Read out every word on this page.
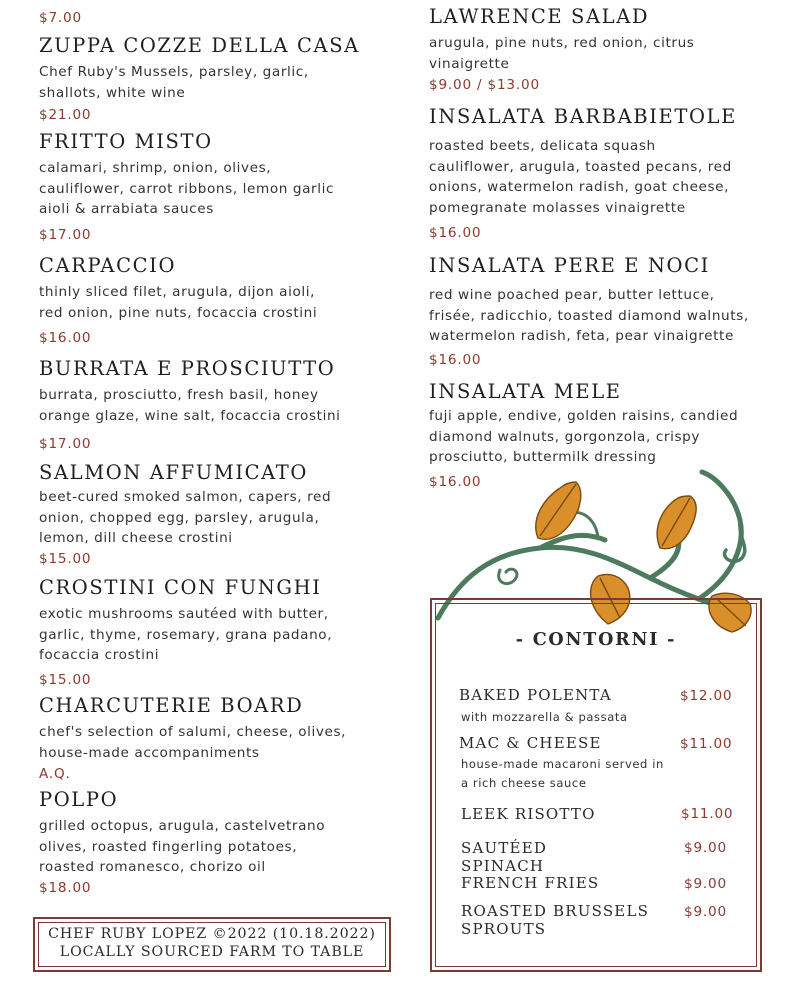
$7.00
ZUPPA COZZE DELLA CASA
Chef Ruby's Mussels, parsley, garlic,
shallots, white wine
$21.00
FRITTO MISTO
calamari, shrimp, onion, olives,
cauliflower, carrot ribbons, lemon garlic
aioli & arrabiata sauces
$17.00
CARPACCIO
thinly sliced filet, arugula, dijon aioli,
red onion, pine nuts, focaccia crostini
$16.00
BURRATA E PROSCIUTTO
burrata, prosciutto, fresh basil, honey
orange glaze, wine salt, focaccia crostini
$17.00
SALMON AFFUMICATO
beet-cured smoked salmon, capers, red
onion, chopped egg, parsley, arugula,
lemon, dill cheese crostini
$15.00
CROSTINI CON FUNGHI
exotic mushrooms sautéed with butter,
garlic, thyme, rosemary, grana padano,
focaccia crostini
$15.00
CHARCUTERIE BOARD
chef's selection of salumi, cheese, olives,
house-made accompaniments
A.Q.
POLPO
grilled octopus, arugula, castelvetrano
olives, roasted fingerling potatoes,
roasted romanesco, chorizo oil
$18.00
LAWRENCE SALAD
arugula, pine nuts, red onion, citrus
vinaigrette
$9.00 / $13.00
INSALATA BARBABIETOLE
roasted beets, delicata squash
cauliflower, arugula, toasted pecans, red
onions, watermelon radish, goat cheese,
pomegranate molasses vinaigrette
$16.00
INSALATA PERE E NOCI
red wine poached pear, butter lettuce,
frisée, radicchio, toasted diamond walnuts,
watermelon radish, feta, pear vinaigrette
$16.00
INSALATA MELE
fuji apple, endive, golden raisins, candied
diamond walnuts, gorgonzola, crispy
prosciutto, buttermilk dressing
$16.00
- CONTORNI -
BAKED POLENTA
with mozzarella & passata
$12.00
MAC & CHEESE
house-made macaroni served in
a rich cheese sauce
$11.00
LEEK RISOTTO	$11.00
SAUTÉED
SPINACH
$9.00
FRENCH FRIES	$9.00
ROASTED BRUSSELS
SPROUTS
$9.00
CHEF RUBY LOPEZ ©2022 (10.18.2022)
LOCALLY SOURCED FARM TO TABLE
